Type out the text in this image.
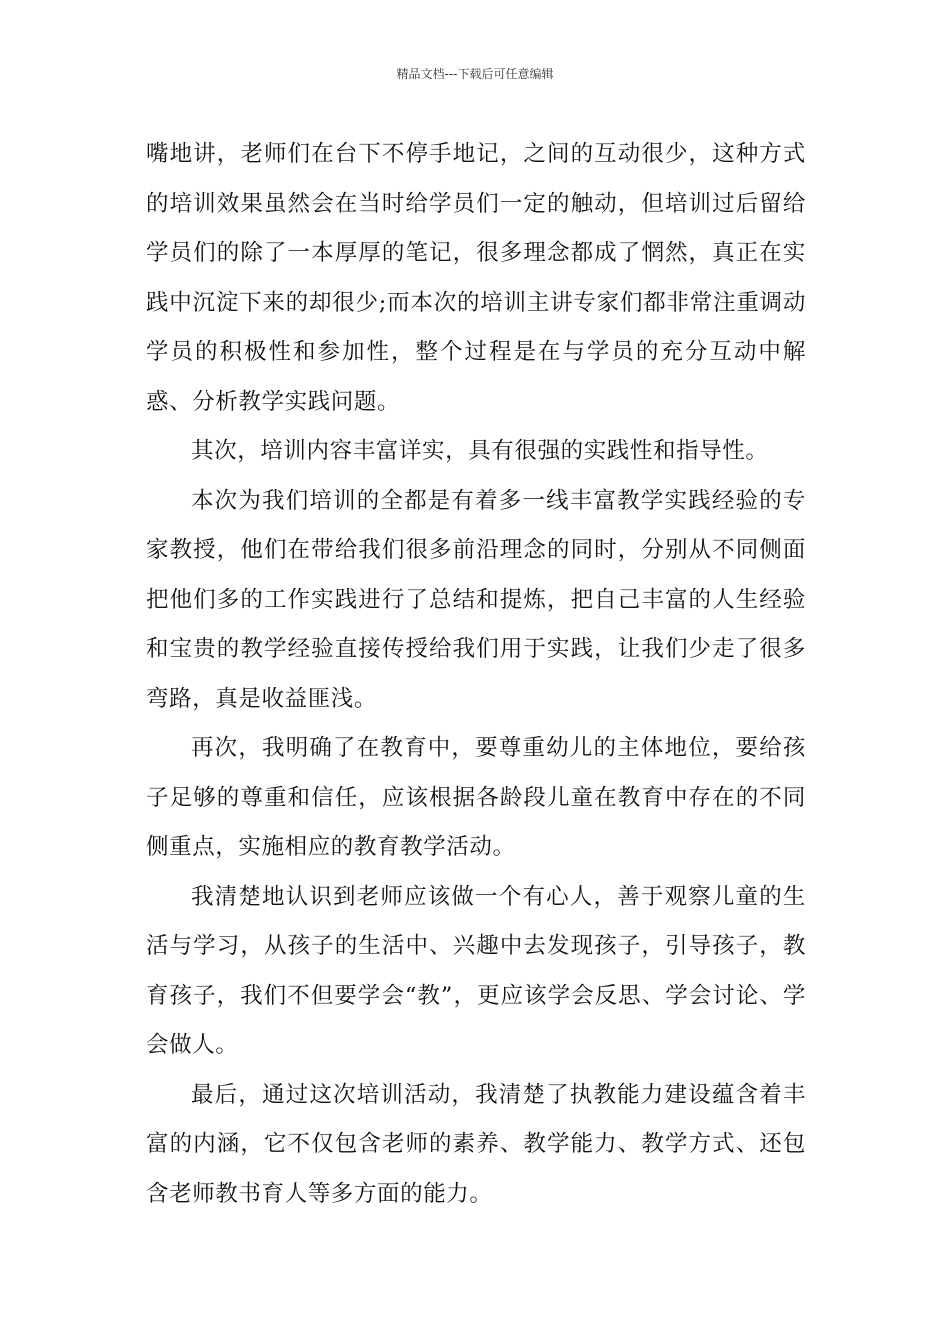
精品文档---下载后可任意编辑

嘴地讲，老师们在台下不停手地记，之间的互动很少，这种方式的培训效果虽然会在当时给学员们一定的触动，但培训过后留给学员们的除了一本厚厚的笔记，很多理念都成了惘然，真正在实践中沉淀下来的却很少;而本次的培训主讲专家们都非常注重调动学员的积极性和参加性，整个过程是在与学员的充分互动中解惑、分析教学实践问题。

其次，培训内容丰富详实，具有很强的实践性和指导性。

本次为我们培训的全都是有着多一线丰富教学实践经验的专家教授，他们在带给我们很多前沿理念的同时，分别从不同侧面把他们多的工作实践进行了总结和提炼，把自己丰富的人生经验和宝贵的教学经验直接传授给我们用于实践，让我们少走了很多弯路，真是收益匪浅。

再次，我明确了在教育中，要尊重幼儿的主体地位，要给孩子足够的尊重和信任，应该根据各龄段儿童在教育中存在的不同侧重点，实施相应的教育教学活动。

我清楚地认识到老师应该做一个有心人，善于观察儿童的生活与学习，从孩子的生活中、兴趣中去发现孩子，引导孩子，教育孩子，我们不但要学会“教”，更应该学会反思、学会讨论、学会做人。

最后，通过这次培训活动，我清楚了执教能力建设蕴含着丰富的内涵，它不仅包含老师的素养、教学能力、教学方式、还包含老师教书育人等多方面的能力。
